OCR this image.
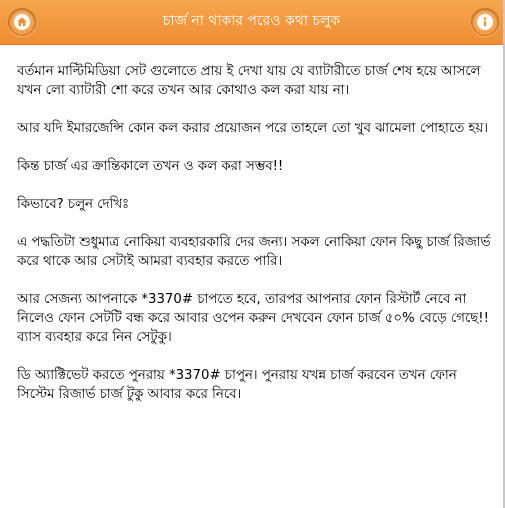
চার্জ না থাকার পরেও কথা চলুক

বর্তমান মাল্টিমিডিয়া সেট গুলোতে প্রায় ই দেখা যায় যে ব্যাটারীতে চার্জ শেষ হয়ে আসলে যখন লো ব্যাটারী শো করে তখন আর কোথাও কল করা যায় না।

আর যদি ইমারজেন্সি কোন কল করার প্রয়োজন পরে তাহলে তো খুব ঝামেলা পোহাতে হয়।

কিন্ত চার্জ এর ক্রান্তিকালে তখন ও কল করা সম্ভব!!

কিভাবে? চলুন দেখিঃ

এ পদ্ধতিটা শুধুমাত্র নোকিয়া ব্যবহারকারি দের জন্য। সকল নোকিয়া ফোন কিছু চার্জ রিজার্ভ করে থাকে আর সেটাই আমরা ব্যবহার করতে পারি।

আর সেজন্য আপনাকে *3370# চাপতে হবে, তারপর আপনার ফোন রিস্টার্ট নেবে না নিলেও ফোন সেটটি বন্ধ করে আবার ওপেন করুন দেখবেন ফোন চার্জ ৫০% বেড়ে গেছে!! ব্যাস ব্যবহার করে নিন সেটুকু।

ডি অ্যাক্টিভেট করতে পুনরায় *3370# চাপুন। পুনরায় যখন্ন চার্জ করবেন তখন ফোন সিস্টেম রিজার্ভ চার্জ টুকু আবার করে নিবে।
